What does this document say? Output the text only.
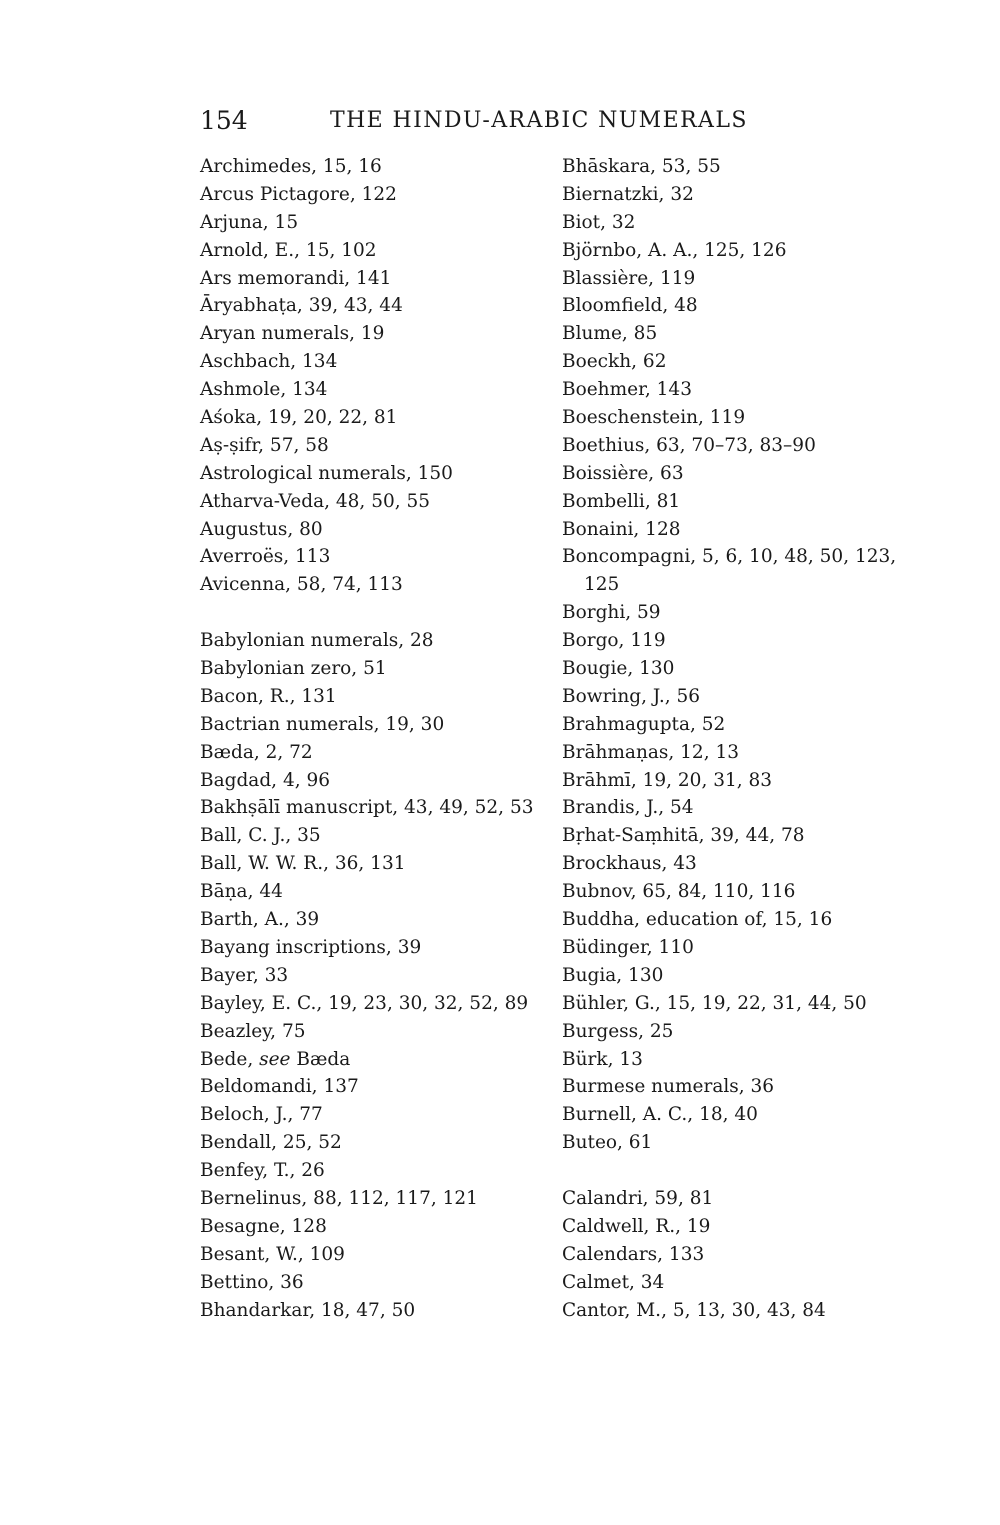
154	THE HINDU-ARABIC NUMERALS
Archimedes, 15, 16
Arcus Pictagore, 122
Arjuna, 15
Arnold, E., 15, 102
Ars memorandi, 141
Āryabhaṭa, 39, 43, 44
Aryan numerals, 19
Aschbach, 134
Ashmole, 134
Aśoka, 19, 20, 22, 81
Aṣ-ṣifr, 57, 58
Astrological numerals, 150
Atharva-Veda, 48, 50, 55
Augustus, 80
Averroës, 113
Avicenna, 58, 74, 113
Babylonian numerals, 28
Babylonian zero, 51
Bacon, R., 131
Bactrian numerals, 19, 30
Bæda, 2, 72
Bagdad, 4, 96
Bakhṣālī manuscript, 43, 49, 52, 53
Ball, C. J., 35
Ball, W. W. R., 36, 131
Bāṇa, 44
Barth, A., 39
Bayang inscriptions, 39
Bayer, 33
Bayley, E. C., 19, 23, 30, 32, 52, 89
Beazley, 75
Bede, see Bæda
Beldomandi, 137
Beloch, J., 77
Bendall, 25, 52
Benfey, T., 26
Bernelinus, 88, 112, 117, 121
Besagne, 128
Besant, W., 109
Bettino, 36
Bhandarkar, 18, 47, 50
Bhāskara, 53, 55
Biernatzki, 32
Biot, 32
Björnbo, A. A., 125, 126
Blassière, 119
Bloomfield, 48
Blume, 85
Boeckh, 62
Boehmer, 143
Boeschenstein, 119
Boethius, 63, 70–73, 83–90
Boissière, 63
Bombelli, 81
Bonaini, 128
Boncompagni, 5, 6, 10, 48, 50, 123,
125
Borghi, 59
Borgo, 119
Bougie, 130
Bowring, J., 56
Brahmagupta, 52
Brāhmaṇas, 12, 13
Brāhmī, 19, 20, 31, 83
Brandis, J., 54
Bṛhat-Saṃhitā, 39, 44, 78
Brockhaus, 43
Bubnov, 65, 84, 110, 116
Buddha, education of, 15, 16
Büdinger, 110
Bugia, 130
Bühler, G., 15, 19, 22, 31, 44, 50
Burgess, 25
Bürk, 13
Burmese numerals, 36
Burnell, A. C., 18, 40
Buteo, 61
Calandri, 59, 81
Caldwell, R., 19
Calendars, 133
Calmet, 34
Cantor, M., 5, 13, 30, 43, 84
